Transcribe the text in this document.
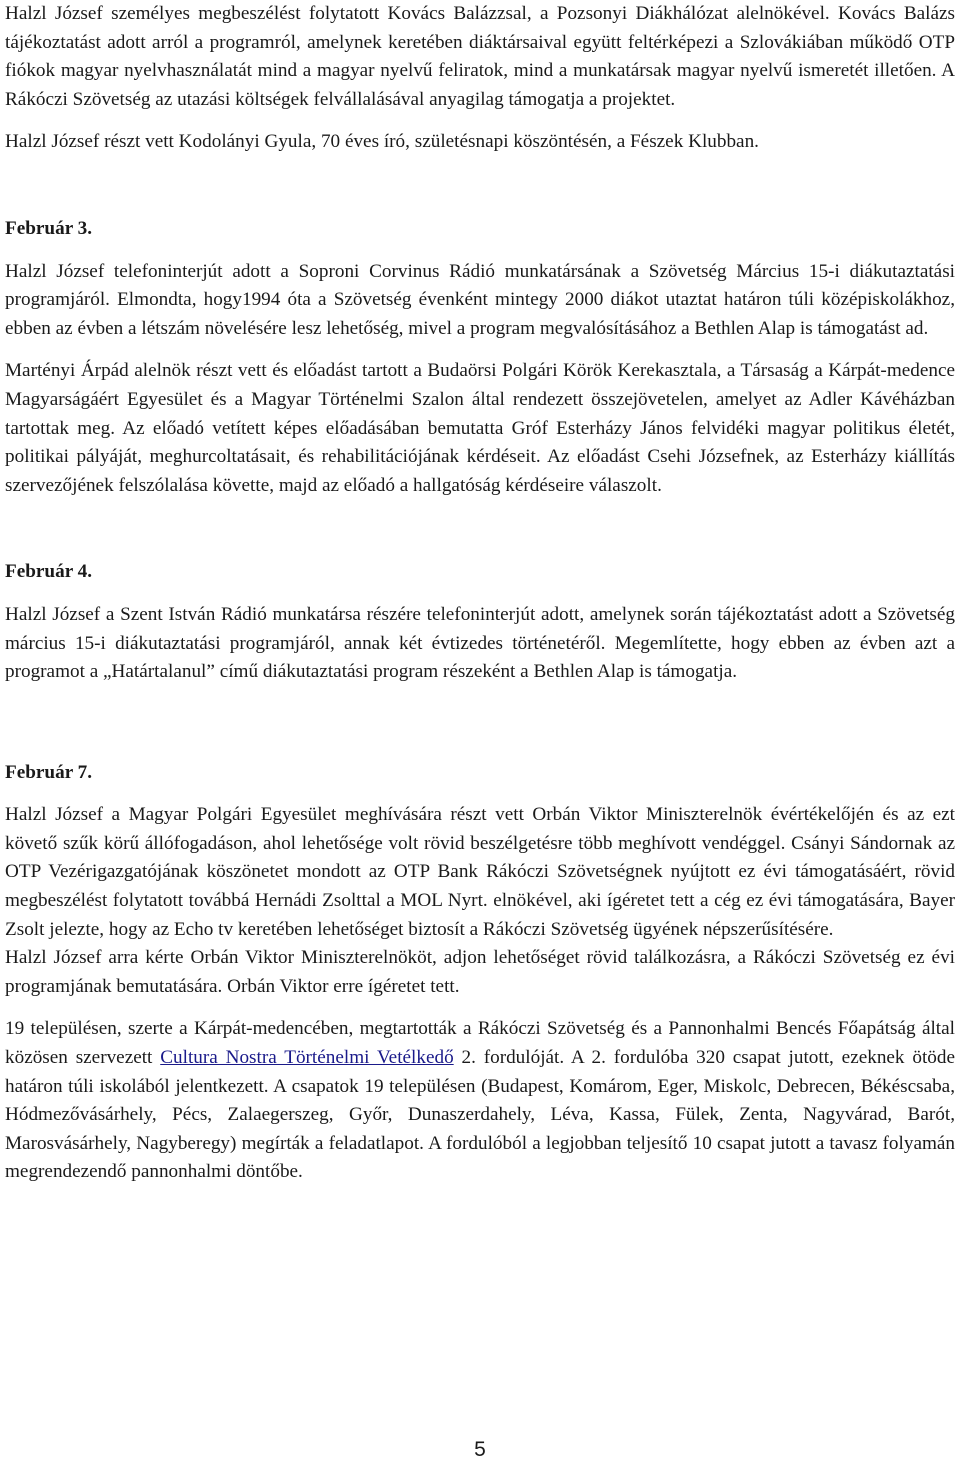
Halzl József személyes megbeszélést folytatott Kovács Balázzsal, a Pozsonyi Diákhálózat alelnökével. Kovács Balázs tájékoztatást adott arról a programról, amelynek keretében diáktársaival együtt feltérképezi a Szlovákiában működő OTP fiókok magyar nyelvhasználatát mind a magyar nyelvű feliratok, mind a munkatársak magyar nyelvű ismeretét illetően. A Rákóczi Szövetség az utazási költségek felvállalásával anyagilag támogatja a projektet.

Halzl József részt vett Kodolányi Gyula, 70 éves író, születésnapi köszöntésén, a Fészek Klubban.

Február 3.

Halzl József telefoninterjút adott a Soproni Corvinus Rádió munkatársának a Szövetség Március 15-i diákutaztatási programjáról. Elmondta, hogy1994 óta a Szövetség évenként mintegy 2000 diákot utaztat határon túli középiskolákhoz, ebben az évben a létszám növelésére lesz lehetőség, mivel a program megvalósításához a Bethlen Alap is támogatást ad.

Martényi Árpád alelnök részt vett és előadást tartott a Budaörsi Polgári Körök Kerekasztala, a Társaság a Kárpát-medence Magyarságáért Egyesület és a Magyar Történelmi Szalon által rendezett összejövetelen, amelyet az Adler Kávéházban tartottak meg. Az előadó vetített képes előadásában bemutatta Gróf Esterházy János felvidéki magyar politikus életét, politikai pályáját, meghurcoltatásait, és rehabilitációjának kérdéseit. Az előadást Csehi Józsefnek, az Esterházy kiállítás szervezőjének felszólalása követte, majd az előadó a hallgatóság kérdéseire válaszolt.

Február 4.

Halzl József a Szent István Rádió munkatársa részére telefoninterjút adott, amelynek során tájékoztatást adott a Szövetség március 15-i diákutaztatási programjáról, annak két évtizedes történetéről. Megemlítette, hogy ebben az évben azt a programot a „Határtalanul” című diákutaztatási program részeként a Bethlen Alap is támogatja.

Február 7.

Halzl József a Magyar Polgári Egyesület meghívására részt vett Orbán Viktor Miniszterelnök évértékelőjén és az ezt követő szűk körű állófogadáson, ahol lehetősége volt rövid beszélgetésre több meghívott vendéggel. Csányi Sándornak az OTP Vezérigazgatójának köszönetet mondott az OTP Bank Rákóczi Szövetségnek nyújtott ez évi támogatásáért, rövid megbeszélést folytatott továbbá Hernádi Zsolttal a MOL Nyrt. elnökével, aki ígéretet tett a cég ez évi támogatására, Bayer Zsolt jelezte, hogy az Echo tv keretében lehetőséget biztosít a Rákóczi Szövetség ügyének népszerűsítésére.

Halzl József arra kérte Orbán Viktor Miniszterelnököt, adjon lehetőséget rövid találkozásra, a Rákóczi Szövetség ez évi programjának bemutatására. Orbán Viktor erre ígéretet tett.

19 településen, szerte a Kárpát-medencében, megtartották a Rákóczi Szövetség és a Pannonhalmi Bencés Főapátság által közösen szervezett Cultura Nostra Történelmi Vetélkedő 2. fordulóját. A 2. fordulóba 320 csapat jutott, ezeknek ötöde határon túli iskolából jelentkezett. A csapatok 19 településen (Budapest, Komárom, Eger, Miskolc, Debrecen, Békéscsaba, Hódmezővásárhely, Pécs, Zalaegerszeg, Győr, Dunaszerdahely, Léva, Kassa, Fülek, Zenta, Nagyvárad, Barót, Marosvásárhely, Nagyberegy) megírták a feladatlapot. A fordulóból a legjobban teljesítő 10 csapat jutott a tavasz folyamán megrendezendő pannonhalmi döntőbe.

5
